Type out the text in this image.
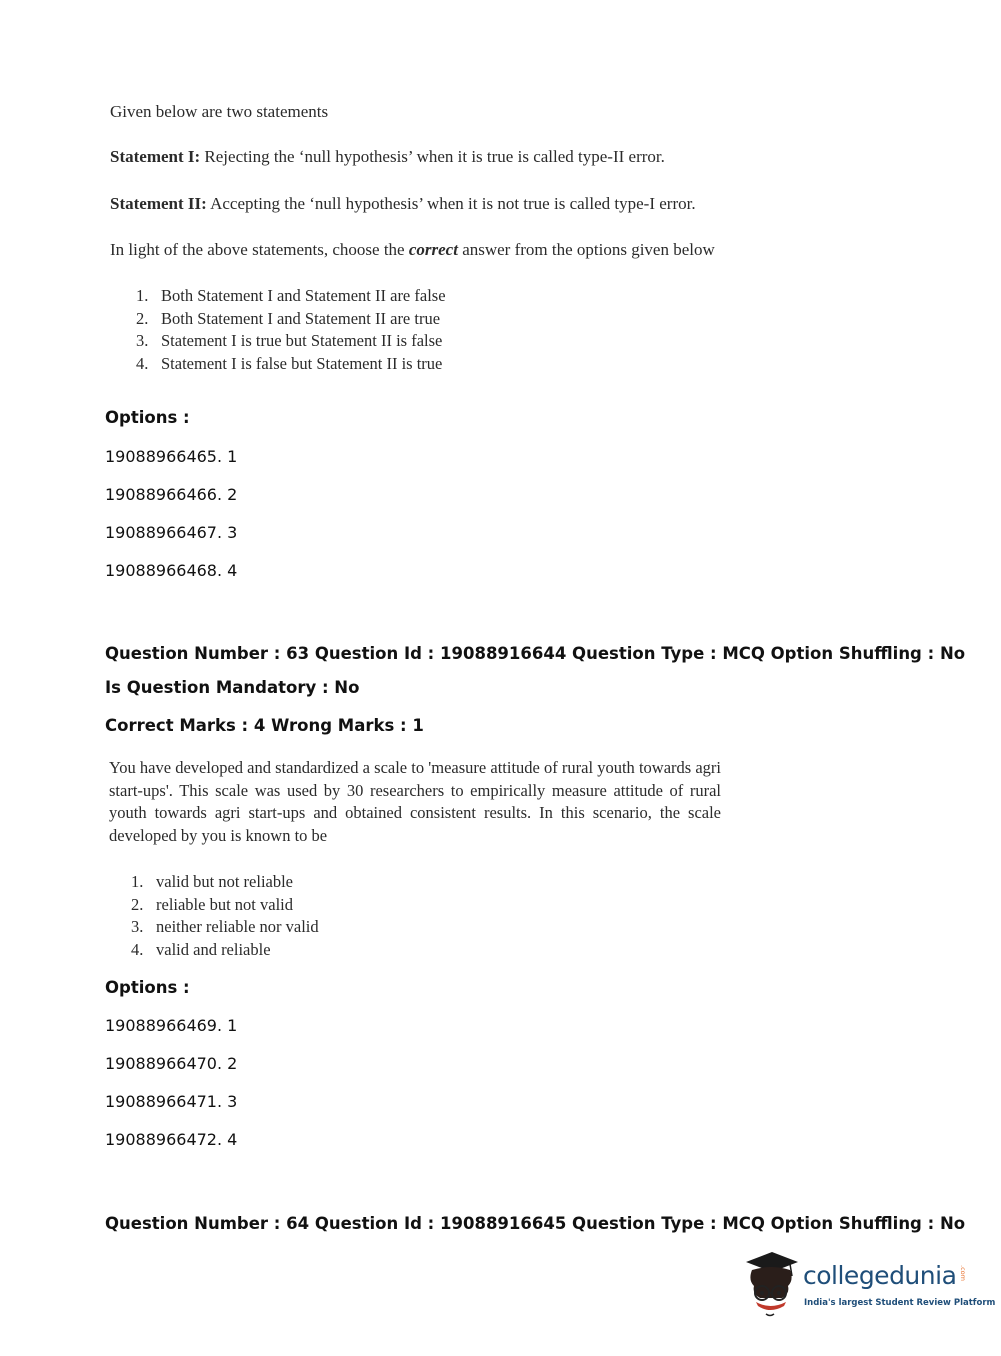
Given below are two statements
Statement I: Rejecting the ‘null hypothesis’ when it is true is called type-II error.
Statement II: Accepting the ‘null hypothesis’ when it is not true is called type-I error.
In light of the above statements, choose the correct answer from the options given below
1. Both Statement I and Statement II are false
2. Both Statement I and Statement II are true
3. Statement I is true but Statement II is false
4. Statement I is false but Statement II is true
Options :
19088966465. 1
19088966466. 2
19088966467. 3
19088966468. 4
Question Number : 63 Question Id : 19088916644 Question Type : MCQ Option Shuffling : No
Is Question Mandatory : No
Correct Marks : 4 Wrong Marks : 1
You have developed and standardized a scale to 'measure attitude of rural youth towards agri start-ups'. This scale was used by 30 researchers to empirically measure attitude of rural youth towards agri start-ups and obtained consistent results. In this scenario, the scale developed by you is known to be
1. valid but not reliable
2. reliable but not valid
3. neither reliable nor valid
4. valid and reliable
Options :
19088966469. 1
19088966470. 2
19088966471. 3
19088966472. 4
Question Number : 64 Question Id : 19088916645 Question Type : MCQ Option Shuffling : No
collegedunia .com
India's largest Student Review Platform
